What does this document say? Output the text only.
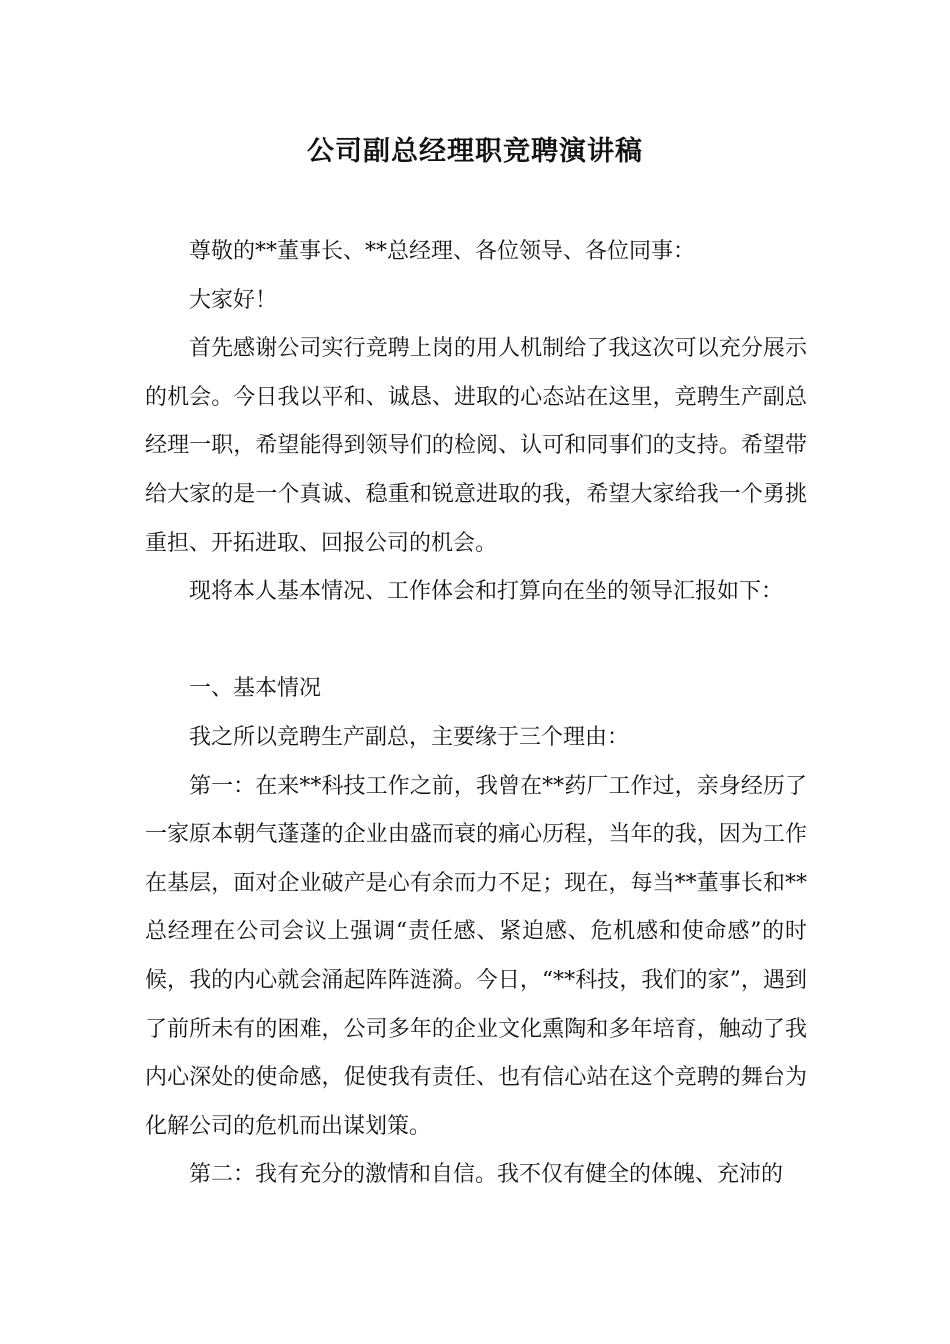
公司副总经理职竞聘演讲稿

尊敬的**董事长、**总经理、各位领导、各位同事：

大家好！

首先感谢公司实行竞聘上岗的用人机制给了我这次可以充分展示的机会。今日我以平和、诚恳、进取的心态站在这里，竞聘生产副总经理一职，希望能得到领导们的检阅、认可和同事们的支持。希望带给大家的是一个真诚、稳重和锐意进取的我，希望大家给我一个勇挑重担、开拓进取、回报公司的机会。

现将本人基本情况、工作体会和打算向在坐的领导汇报如下：

一、基本情况

我之所以竞聘生产副总，主要缘于三个理由：

第一：在来**科技工作之前，我曾在**药厂工作过，亲身经历了一家原本朝气蓬蓬的企业由盛而衰的痛心历程，当年的我，因为工作在基层，面对企业破产是心有余而力不足；现在，每当**董事长和**总经理在公司会议上强调“责任感、紧迫感、危机感和使命感”的时候，我的内心就会涌起阵阵涟漪。今日，“**科技，我们的家”，遇到了前所未有的困难，公司多年的企业文化熏陶和多年培育，触动了我内心深处的使命感，促使我有责任、也有信心站在这个竞聘的舞台为化解公司的危机而出谋划策。

第二：我有充分的激情和自信。我不仅有健全的体魄、充沛的
